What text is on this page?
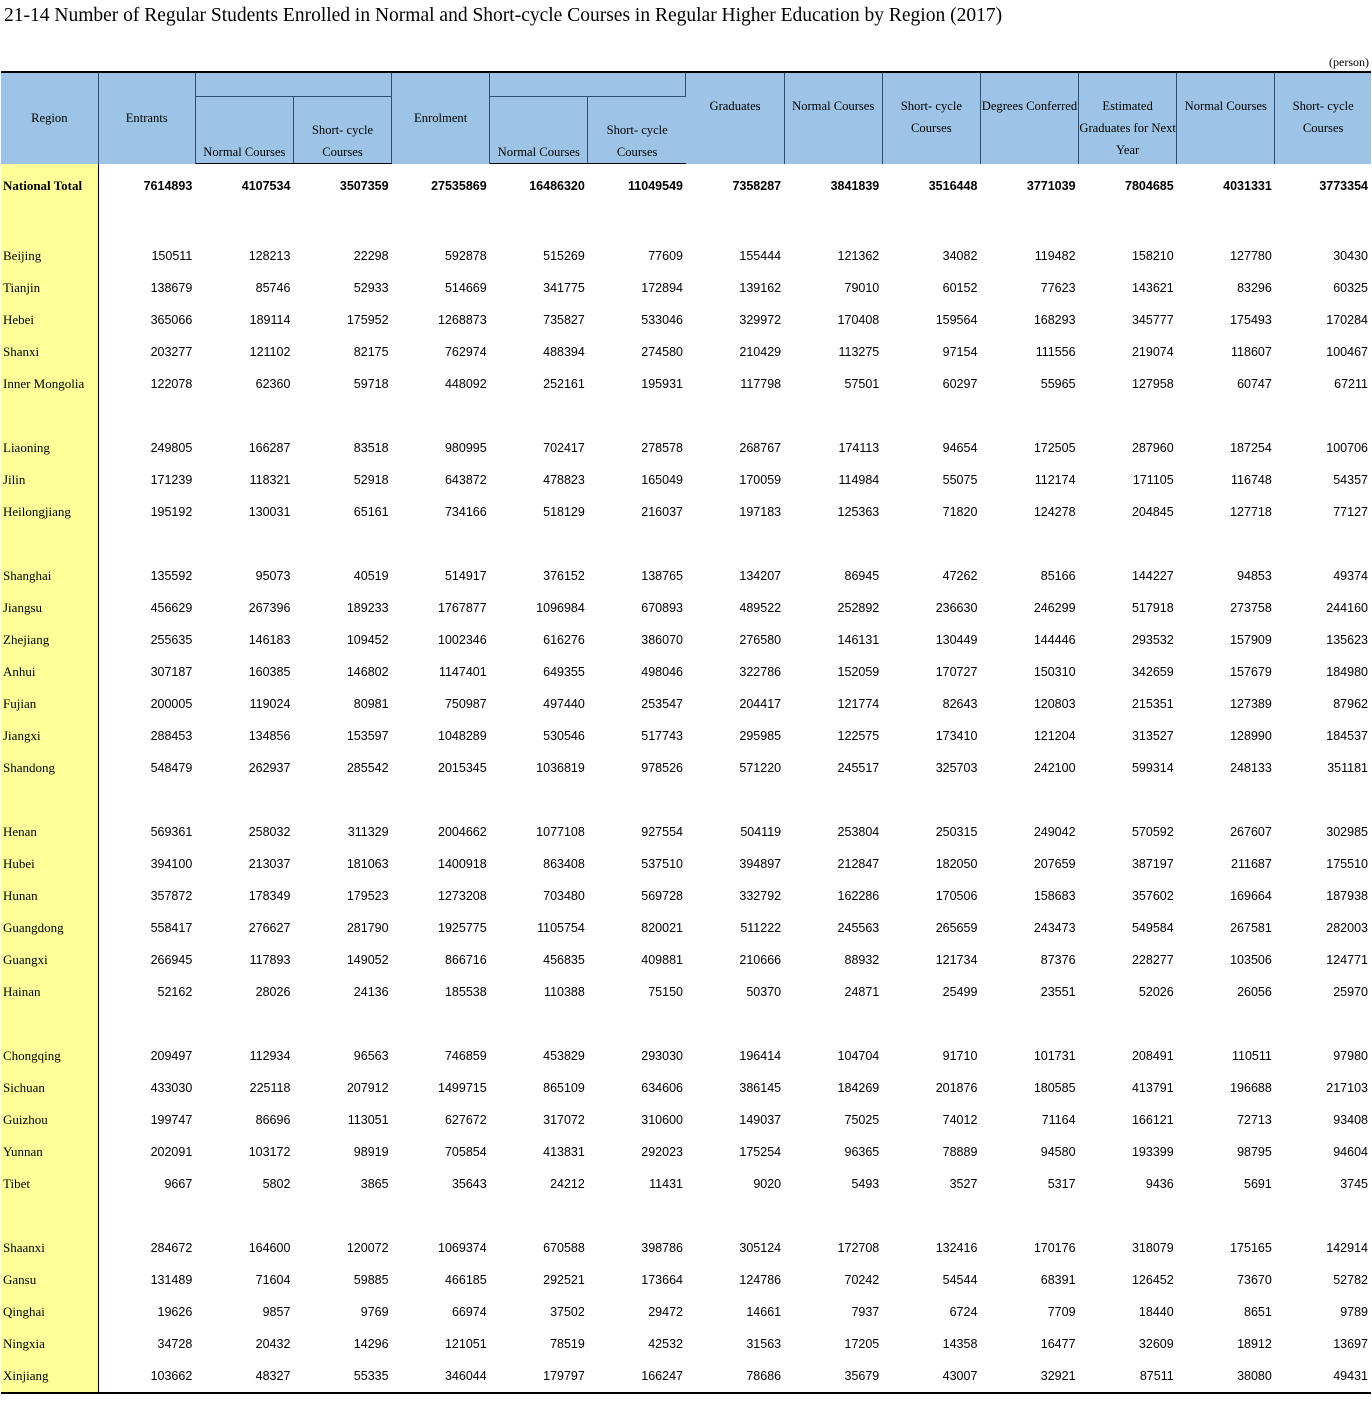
21-14 Number of Regular Students Enrolled in Normal and Short-cycle Courses in Regular Higher Education by Region (2017)
(person)
Region	Entrants			Enrolment			Graduates	Normal Courses	Short- cycle Courses	Degrees Conferred	Estimated Graduates for Next Year	Normal Courses	Short- cycle Courses
		Normal Courses	Short- cycle Courses		Normal Courses	Short- cycle Courses							
National Total	7614893	4107534	3507359	27535869	16486320	11049549	7358287	3841839	3516448	3771039	7804685	4031331	3773354

Beijing	150511	128213	22298	592878	515269	77609	155444	121362	34082	119482	158210	127780	30430
Tianjin	138679	85746	52933	514669	341775	172894	139162	79010	60152	77623	143621	83296	60325
Hebei	365066	189114	175952	1268873	735827	533046	329972	170408	159564	168293	345777	175493	170284
Shanxi	203277	121102	82175	762974	488394	274580	210429	113275	97154	111556	219074	118607	100467
Inner Mongolia	122078	62360	59718	448092	252161	195931	117798	57501	60297	55965	127958	60747	67211

Liaoning	249805	166287	83518	980995	702417	278578	268767	174113	94654	172505	287960	187254	100706
Jilin	171239	118321	52918	643872	478823	165049	170059	114984	55075	112174	171105	116748	54357
Heilongjiang	195192	130031	65161	734166	518129	216037	197183	125363	71820	124278	204845	127718	77127

Shanghai	135592	95073	40519	514917	376152	138765	134207	86945	47262	85166	144227	94853	49374
Jiangsu	456629	267396	189233	1767877	1096984	670893	489522	252892	236630	246299	517918	273758	244160
Zhejiang	255635	146183	109452	1002346	616276	386070	276580	146131	130449	144446	293532	157909	135623
Anhui	307187	160385	146802	1147401	649355	498046	322786	152059	170727	150310	342659	157679	184980
Fujian	200005	119024	80981	750987	497440	253547	204417	121774	82643	120803	215351	127389	87962
Jiangxi	288453	134856	153597	1048289	530546	517743	295985	122575	173410	121204	313527	128990	184537
Shandong	548479	262937	285542	2015345	1036819	978526	571220	245517	325703	242100	599314	248133	351181

Henan	569361	258032	311329	2004662	1077108	927554	504119	253804	250315	249042	570592	267607	302985
Hubei	394100	213037	181063	1400918	863408	537510	394897	212847	182050	207659	387197	211687	175510
Hunan	357872	178349	179523	1273208	703480	569728	332792	162286	170506	158683	357602	169664	187938
Guangdong	558417	276627	281790	1925775	1105754	820021	511222	245563	265659	243473	549584	267581	282003
Guangxi	266945	117893	149052	866716	456835	409881	210666	88932	121734	87376	228277	103506	124771
Hainan	52162	28026	24136	185538	110388	75150	50370	24871	25499	23551	52026	26056	25970

Chongqing	209497	112934	96563	746859	453829	293030	196414	104704	91710	101731	208491	110511	97980
Sichuan	433030	225118	207912	1499715	865109	634606	386145	184269	201876	180585	413791	196688	217103
Guizhou	199747	86696	113051	627672	317072	310600	149037	75025	74012	71164	166121	72713	93408
Yunnan	202091	103172	98919	705854	413831	292023	175254	96365	78889	94580	193399	98795	94604
Tibet	9667	5802	3865	35643	24212	11431	9020	5493	3527	5317	9436	5691	3745

Shaanxi	284672	164600	120072	1069374	670588	398786	305124	172708	132416	170176	318079	175165	142914
Gansu	131489	71604	59885	466185	292521	173664	124786	70242	54544	68391	126452	73670	52782
Qinghai	19626	9857	9769	66974	37502	29472	14661	7937	6724	7709	18440	8651	9789
Ningxia	34728	20432	14296	121051	78519	42532	31563	17205	14358	16477	32609	18912	13697
Xinjiang	103662	48327	55335	346044	179797	166247	78686	35679	43007	32921	87511	38080	49431
